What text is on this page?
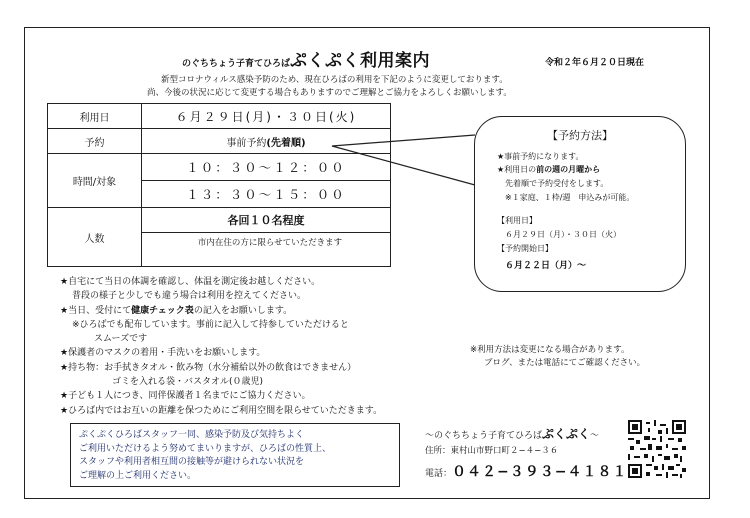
のぐちちょう子育てひろばぷくぷく利用案内	令和２年６月２０日現在
新型コロナウィルス感染予防のため、現在ひろばの利用を下記のように変更しております。
尚、今後の状況に応じて変更する場合もありますのでご理解とご協力をよろしくお願いします。
利用日	６月２９日(月)・３０日(火)
予約	事前予約(先着順)
時間/対象	１０：３０〜１２：００
	１３：３０〜１５：００
人数	各回１０名程度
	市内在住の方に限らせていただきます
【予約方法】
★事前予約になります。
★利用日の前の週の月曜から
先着順で予約受付をします。
※１家庭、１枠/週　申込みが可能。
【利用日】
６月２９日（月）・３０日（火）
【予約開始日】
６月２２日（月）〜
★自宅にて当日の体調を確認し、体温を測定後お越しください。
普段の様子と少しでも違う場合は利用を控えてください。
★当日、受付にて健康チェック表の記入をお願いします。
※ひろばでも配布しています。事前に記入して持参していただけると
スムーズです
★保護者のマスクの着用・手洗いをお願いします。
★持ち物：お手拭きタオル・飲み物（水分補給以外の飲食はできません）
ゴミを入れる袋・バスタオル(０歳児)
★子ども１人につき、同伴保護者１名までにご協力ください。
★ひろば内ではお互いの距離を保つためにご利用空間を限らせていただきます。
※利用方法は変更になる場合があります。
ブログ、または電話にてご確認ください。
ぷくぷくひろばスタッフ一同、感染予防及び気持ちよく
ご利用いただけるよう努めてまいりますが、ひろばの性質上、
スタッフや利用者相互間の接触等が避けられない状況を
ご理解の上ご利用ください。
〜のぐちちょう子育てひろばぷくぷく〜
住所：東村山市野口町２−４−３６
電話：０４２−３９３−４１８１
